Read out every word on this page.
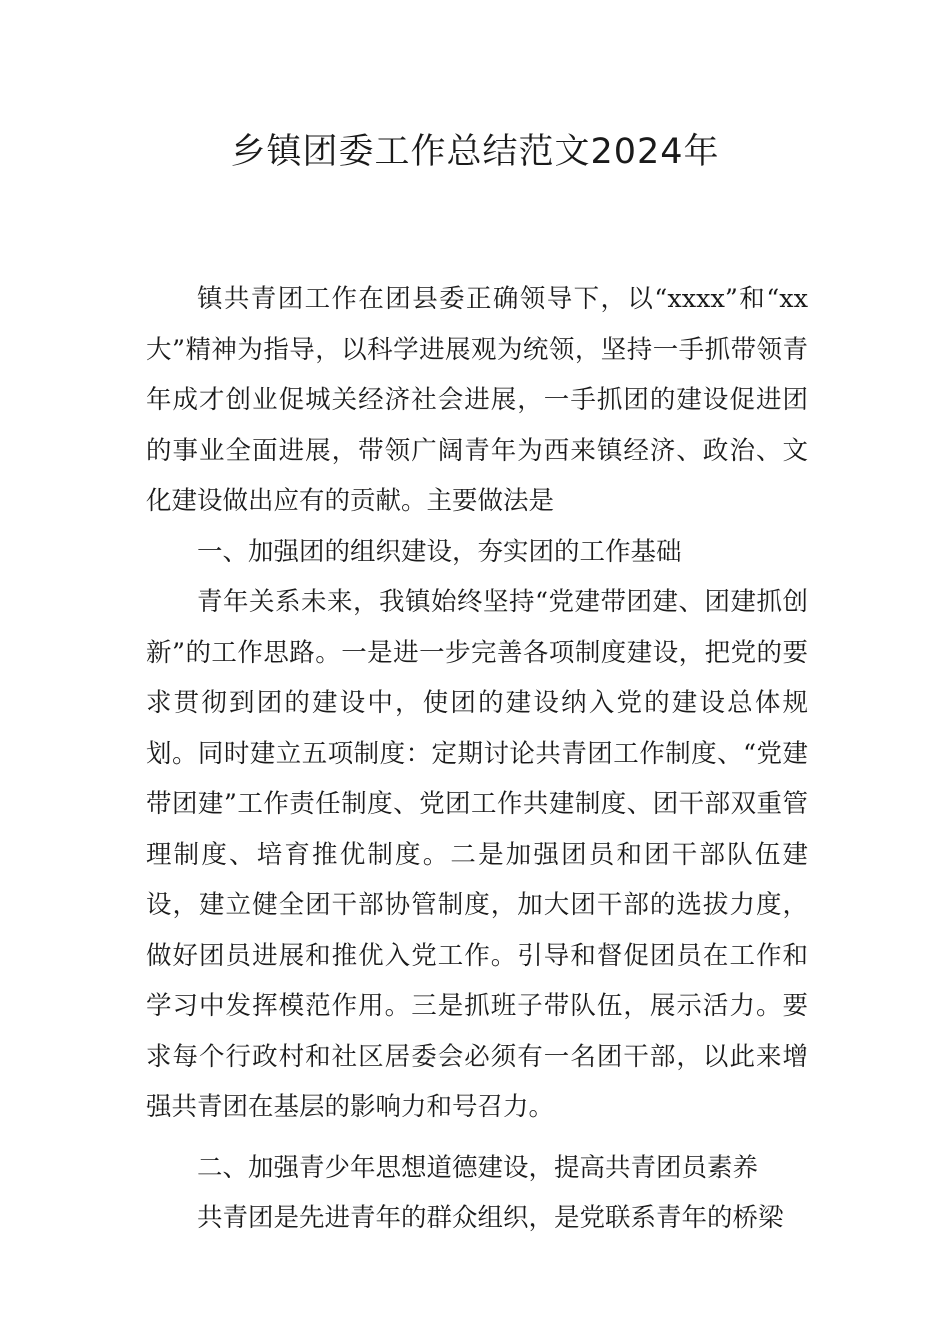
乡镇团委工作总结范文2024年

镇共青团工作在团县委正确领导下，以“xxxx”和“xx大”精神为指导，以科学进展观为统领，坚持一手抓带领青年成才创业促城关经济社会进展，一手抓团的建设促进团的事业全面进展，带领广阔青年为西来镇经济、政治、文化建设做出应有的贡献。主要做法是

一、加强团的组织建设，夯实团的工作基础

青年关系未来，我镇始终坚持“党建带团建、团建抓创新”的工作思路。一是进一步完善各项制度建设，把党的要求贯彻到团的建设中，使团的建设纳入党的建设总体规划。同时建立五项制度：定期讨论共青团工作制度、“党建带团建”工作责任制度、党团工作共建制度、团干部双重管理制度、培育推优制度。二是加强团员和团干部队伍建设，建立健全团干部协管制度，加大团干部的选拔力度，做好团员进展和推优入党工作。引导和督促团员在工作和学习中发挥模范作用。三是抓班子带队伍，展示活力。要求每个行政村和社区居委会必须有一名团干部，以此来增强共青团在基层的影响力和号召力。

二、加强青少年思想道德建设，提高共青团员素养

共青团是先进青年的群众组织，是党联系青年的桥梁
